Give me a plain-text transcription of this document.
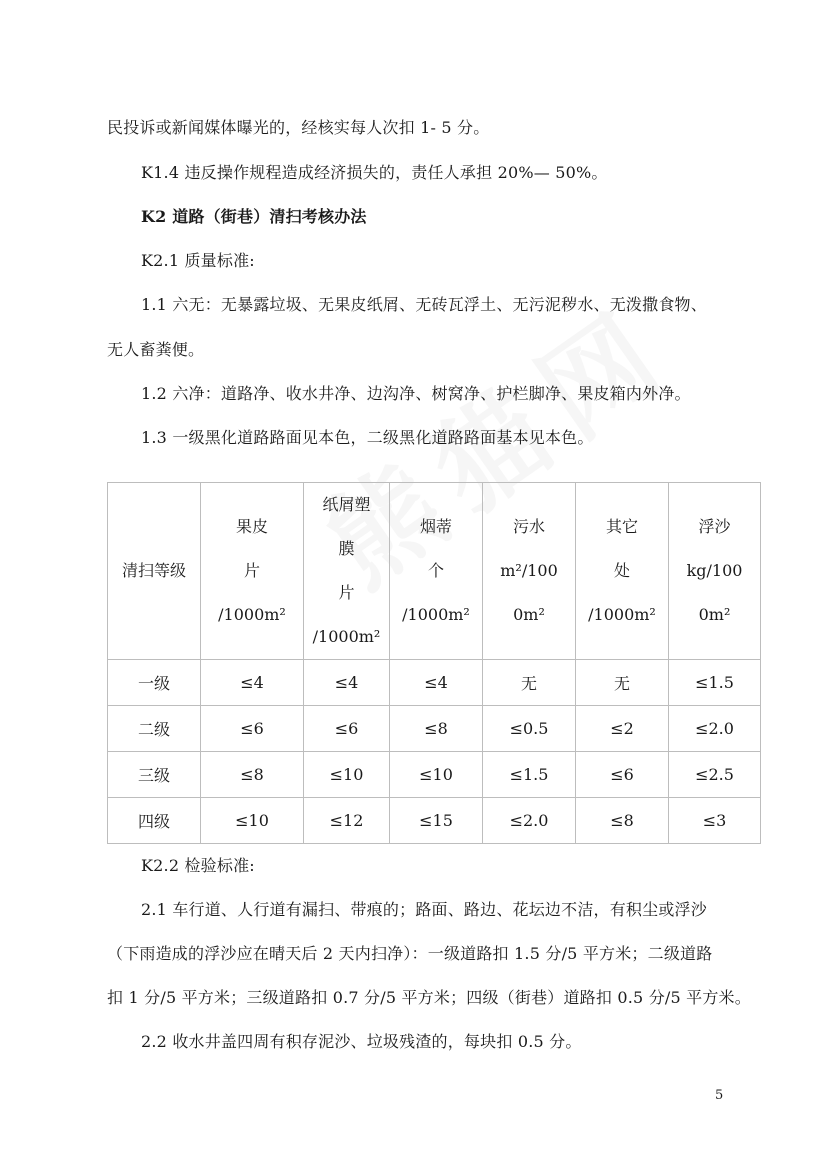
民投诉或新闻媒体曝光的，经核实每人次扣 1- 5 分。

K1.4 违反操作规程造成经济损失的，责任人承担 20%— 50%。

K2 道路（街巷）清扫考核办法

K2.1 质量标准:

1.1 六无：无暴露垃圾、无果皮纸屑、无砖瓦浮土、无污泥秽水、无泼撒食物、

无人畜粪便。

1.2 六净：道路净、收水井净、边沟净、树窝净、护栏脚净、果皮箱内外净。

1.3 一级黑化道路路面见本色，二级黑化道路路面基本见本色。

清扫等级	果皮
片
/1000m²	纸屑塑
膜
片
/1000m²	烟蒂
个
/1000m²	污水
m²/100
0m²	其它
处
/1000m²	浮沙
kg/100
0m²

一级	≤4	≤4	≤4	无	无	≤1.5
二级	≤6	≤6	≤8	≤0.5	≤2	≤2.0
三级	≤8	≤10	≤10	≤1.5	≤6	≤2.5
四级	≤10	≤12	≤15	≤2.0	≤8	≤3

K2.2 检验标准:

2.1 车行道、人行道有漏扫、带痕的；路面、路边、花坛边不洁，有积尘或浮沙

（下雨造成的浮沙应在晴天后 2 天内扫净）：一级道路扣 1.5 分/5 平方米；二级道路

扣 1 分/5 平方米；三级道路扣 0.7 分/5 平方米；四级（街巷）道路扣 0.5 分/5 平方米。

2.2 收水井盖四周有积存泥沙、垃圾残渣的，每块扣 0.5 分。

5
